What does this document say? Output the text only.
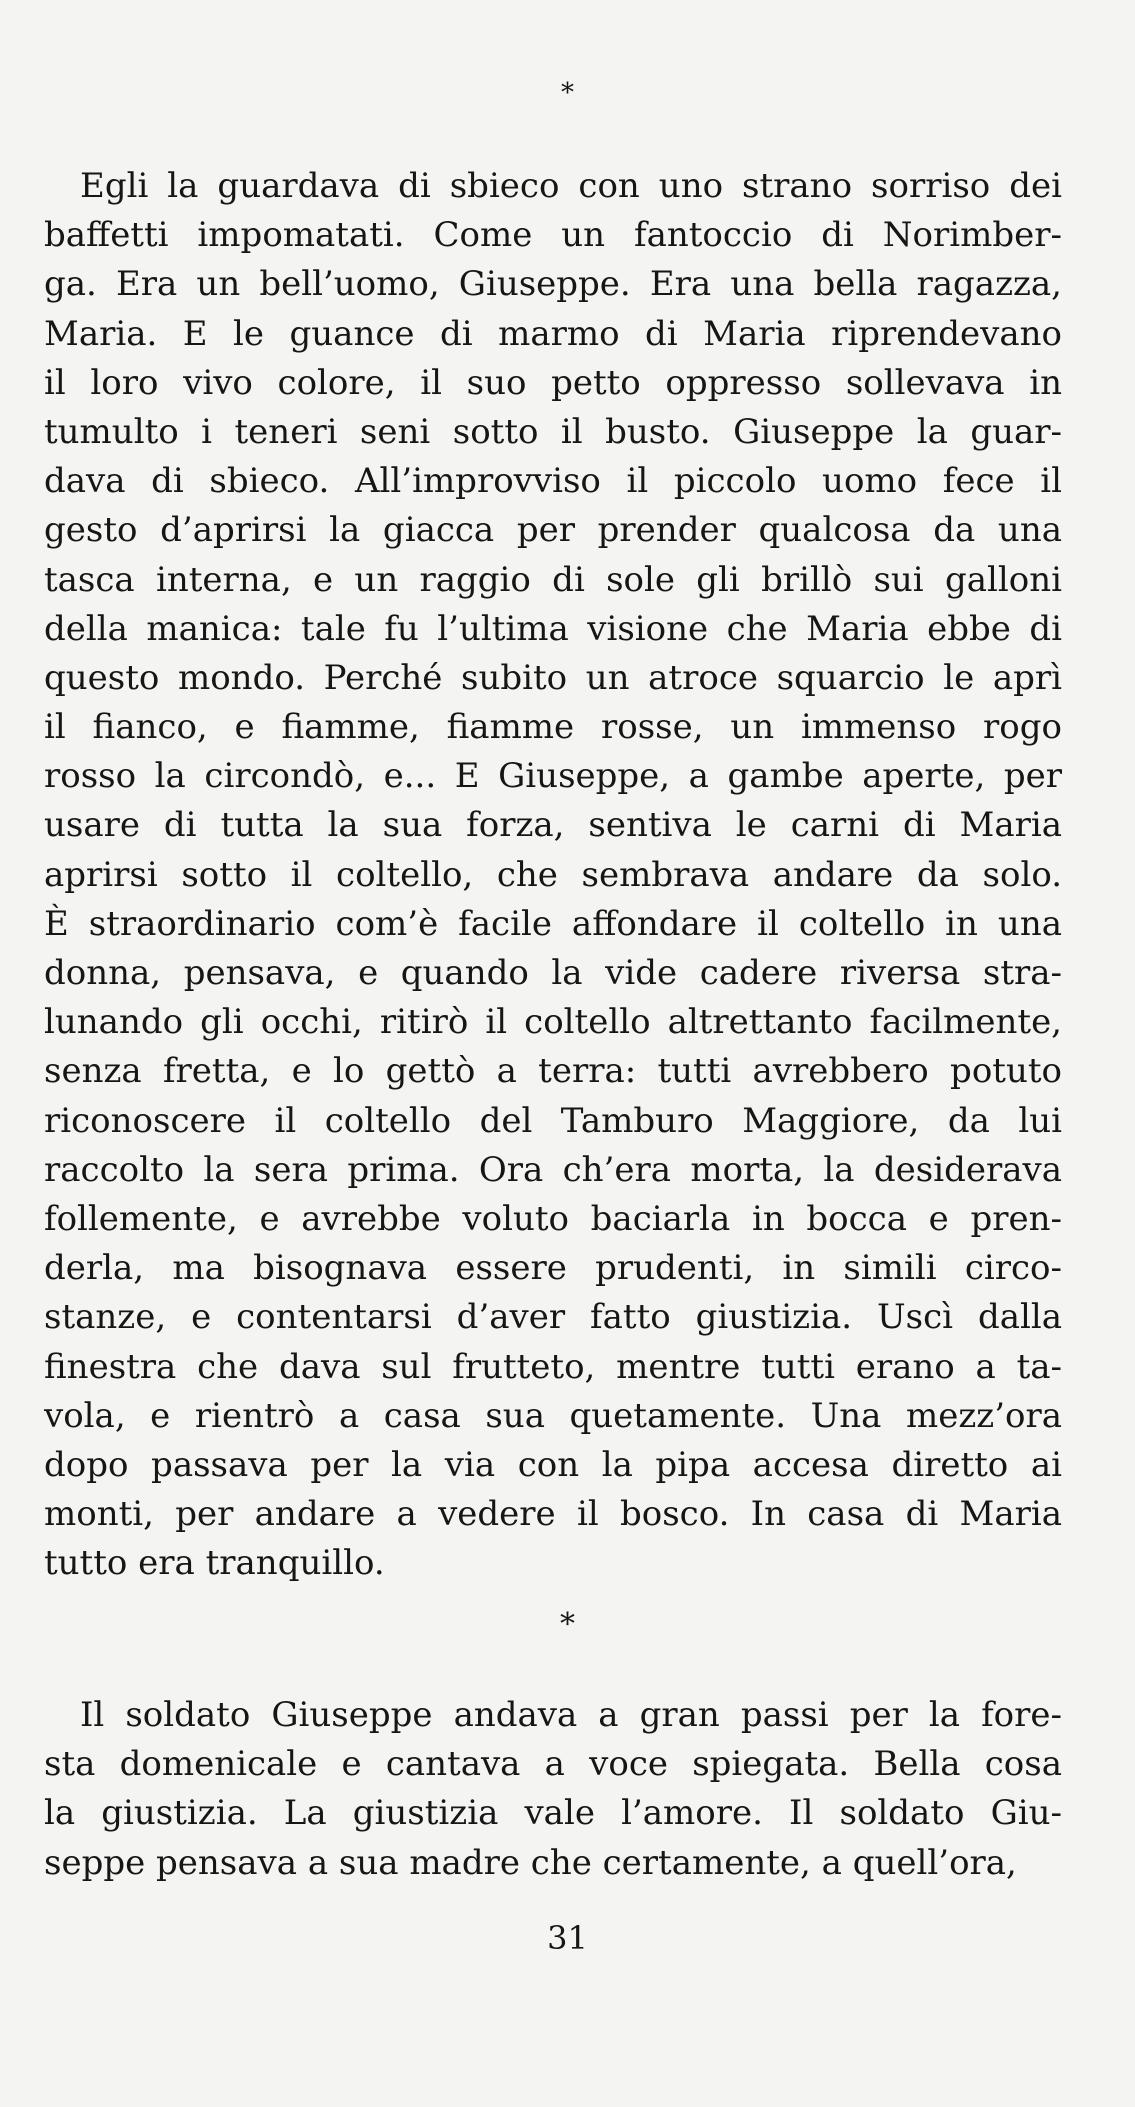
*
Egli la guardava di sbieco con uno strano sorriso dei
baffetti impomatati. Come un fantoccio di Norimber-
ga. Era un bell’uomo, Giuseppe. Era una bella ragazza,
Maria. E le guance di marmo di Maria riprendevano
il loro vivo colore, il suo petto oppresso sollevava in
tumulto i teneri seni sotto il busto. Giuseppe la guar-
dava di sbieco. All’improvviso il piccolo uomo fece il
gesto d’aprirsi la giacca per prender qualcosa da una
tasca interna, e un raggio di sole gli brillò sui galloni
della manica: tale fu l’ultima visione che Maria ebbe di
questo mondo. Perché subito un atroce squarcio le aprì
il fianco, e fiamme, fiamme rosse, un immenso rogo
rosso la circondò, e... E Giuseppe, a gambe aperte, per
usare di tutta la sua forza, sentiva le carni di Maria
aprirsi sotto il coltello, che sembrava andare da solo.
È straordinario com’è facile affondare il coltello in una
donna, pensava, e quando la vide cadere riversa stra-
lunando gli occhi, ritirò il coltello altrettanto facilmente,
senza fretta, e lo gettò a terra: tutti avrebbero potuto
riconoscere il coltello del Tamburo Maggiore, da lui
raccolto la sera prima. Ora ch’era morta, la desiderava
follemente, e avrebbe voluto baciarla in bocca e pren-
derla, ma bisognava essere prudenti, in simili circo-
stanze, e contentarsi d’aver fatto giustizia. Uscì dalla
finestra che dava sul frutteto, mentre tutti erano a ta-
vola, e rientrò a casa sua quetamente. Una mezz’ora
dopo passava per la via con la pipa accesa diretto ai
monti, per andare a vedere il bosco. In casa di Maria
tutto era tranquillo.
*
Il soldato Giuseppe andava a gran passi per la fore-
sta domenicale e cantava a voce spiegata. Bella cosa
la giustizia. La giustizia vale l’amore. Il soldato Giu-
seppe pensava a sua madre che certamente, a quell’ora,
31
